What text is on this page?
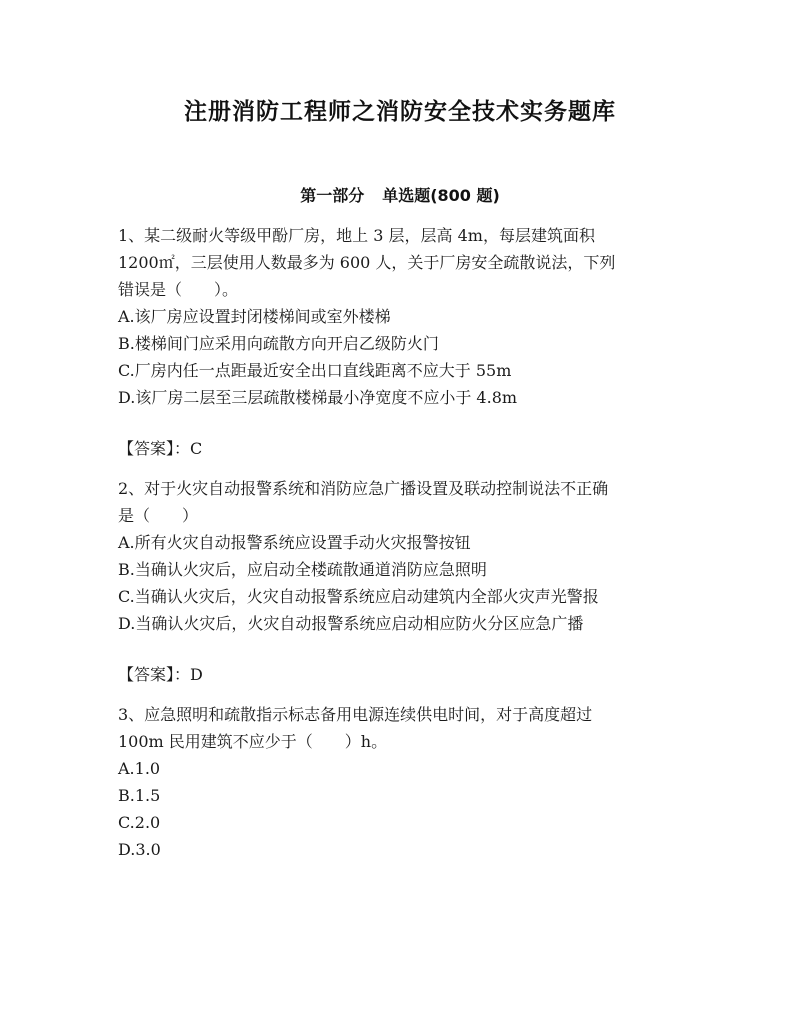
注册消防工程师之消防安全技术实务题库
第一部分 单选题(800 题)
1、某二级耐火等级甲酚厂房，地上 3 层，层高 4m，每层建筑面积
1200㎡，三层使用人数最多为 600 人，关于厂房安全疏散说法，下列
错误是（　　）。
A.该厂房应设置封闭楼梯间或室外楼梯
B.楼梯间门应采用向疏散方向开启乙级防火门
C.厂房内任一点距最近安全出口直线距离不应大于 55m
D.该厂房二层至三层疏散楼梯最小净宽度不应小于 4.8m
【答案】：C
2、对于火灾自动报警系统和消防应急广播设置及联动控制说法不正确
是（　　）
A.所有火灾自动报警系统应设置手动火灾报警按钮
B.当确认火灾后，应启动全楼疏散通道消防应急照明
C.当确认火灾后，火灾自动报警系统应启动建筑内全部火灾声光警报
D.当确认火灾后，火灾自动报警系统应启动相应防火分区应急广播
【答案】：D
3、应急照明和疏散指示标志备用电源连续供电时间，对于高度超过
100m 民用建筑不应少于（　　）h。
A.1.0
B.1.5
C.2.0
D.3.0
